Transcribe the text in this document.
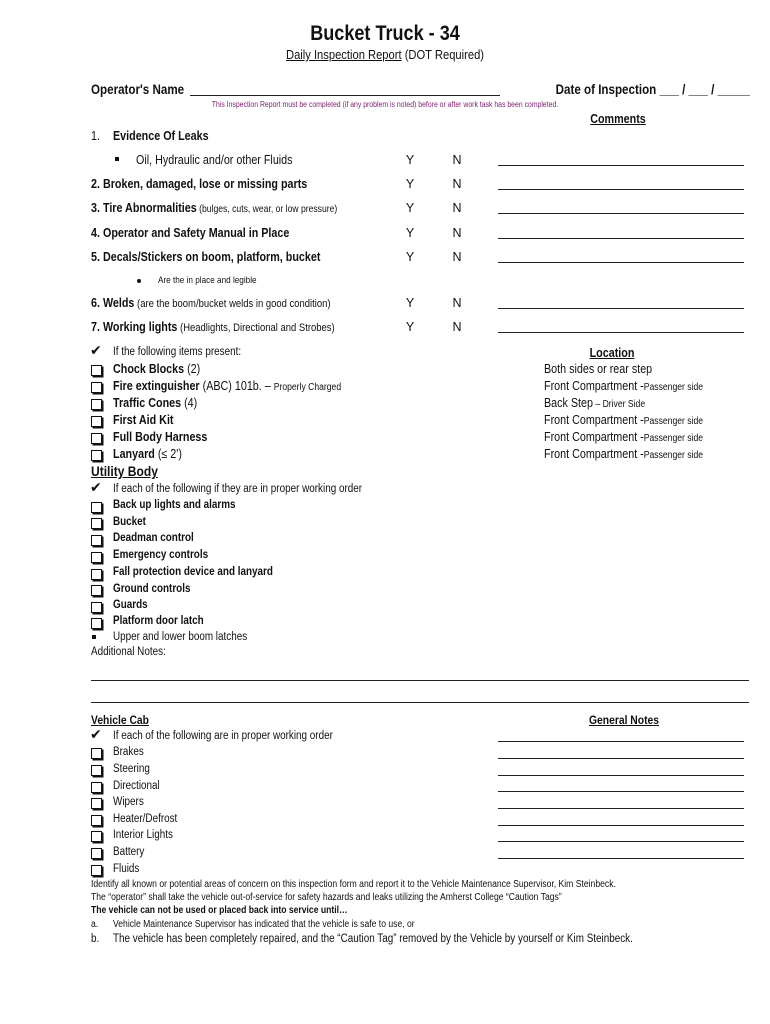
Bucket Truck - 34
Daily Inspection Report (DOT Required)
Operator's Name	Date of Inspection ___ / ___ / _____
This Inspection Report must be completed (if any problem is noted) before or after work task has been completed.
Comments
1. Evidence Of Leaks
Oil, Hydraulic and/or other Fluids	Y	N
2. Broken, damaged, lose or missing parts	Y	N
3. Tire Abnormalities (bulges, cuts, wear, or low pressure)	Y	N
4. Operator and Safety Manual in Place	Y	N
5. Decals/Stickers on boom, platform, bucket	Y	N
Are the in place and legible
6. Welds (are the boom/bucket welds in good condition)	Y	N
7. Working lights (Headlights, Directional and Strobes)	Y	N
✔ If the following items present:	Location
Chock Blocks (2)	Both sides or rear step
Fire extinguisher (ABC) 101b. – Properly Charged	Front Compartment -Passenger side
Traffic Cones (4)	Back Step – Driver Side
First Aid Kit	Front Compartment -Passenger side
Full Body Harness	Front Compartment -Passenger side
Lanyard (≤ 2')	Front Compartment -Passenger side
Utility Body
✔ If each of the following if they are in proper working order
Back up lights and alarms
Bucket
Deadman control
Emergency controls
Fall protection device and lanyard
Ground controls
Guards
Platform door latch
Upper and lower boom latches
Additional Notes:
Vehicle Cab	General Notes
✔ If each of the following are in proper working order
Brakes
Steering
Directional
Wipers
Heater/Defrost
Interior Lights
Battery
Fluids
Identify all known or potential areas of concern on this inspection form and report it to the Vehicle Maintenance Supervisor, Kim Steinbeck.
The “operator” shall take the vehicle out-of-service for safety hazards and leaks utilizing the Amherst College “Caution Tags”
The vehicle can not be used or placed back into service until…
a. Vehicle Maintenance Supervisor has indicated that the vehicle is safe to use, or
b. The vehicle has been completely repaired, and the “Caution Tag” removed by the Vehicle by yourself or Kim Steinbeck.
